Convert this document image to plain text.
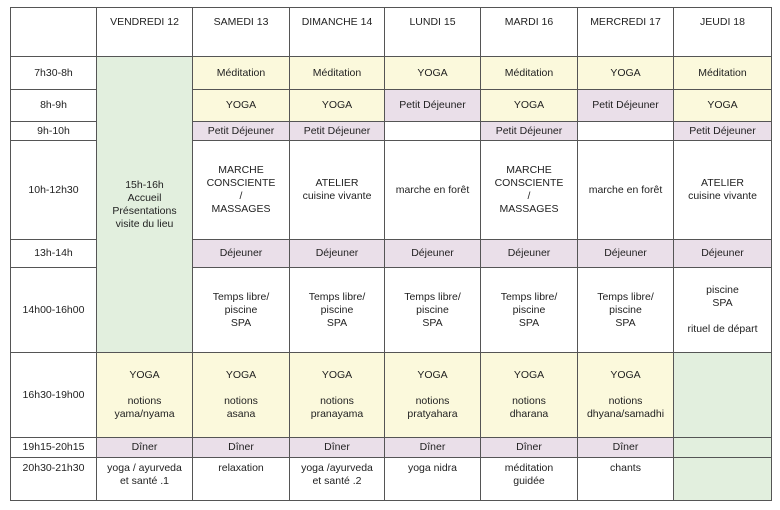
	VENDREDI 12	SAMEDI 13	DIMANCHE 14	LUNDI 15	MARDI 16	MERCREDI 17	JEUDI 18
7h30-8h	15h-16h
Accueil
Présentations
visite du lieu	Méditation	Méditation	YOGA	Méditation	YOGA	Méditation
8h-9h		YOGA	YOGA	Petit Déjeuner	YOGA	Petit Déjeuner	YOGA
9h-10h		Petit Déjeuner	Petit Déjeuner		Petit Déjeuner		Petit Déjeuner
10h-12h30		MARCHE
CONSCIENTE
/
MASSAGES	ATELIER
cuisine vivante	marche en forêt	MARCHE
CONSCIENTE
/
MASSAGES	marche en forêt	ATELIER
cuisine vivante
13h-14h		Déjeuner	Déjeuner	Déjeuner	Déjeuner	Déjeuner	Déjeuner
14h00-16h00		Temps libre/
piscine
SPA	Temps libre/
piscine
SPA	Temps libre/
piscine
SPA	Temps libre/
piscine
SPA	Temps libre/
piscine
SPA	piscine
SPA

rituel de départ
16h30-19h00	YOGA

notions
yama/nyama	YOGA

notions
asana	YOGA

notions
pranayama	YOGA

notions
pratyahara	YOGA

notions
dharana	YOGA

notions
dhyana/samadhi	
19h15-20h15	Dîner	Dîner	Dîner	Dîner	Dîner	Dîner	
20h30-21h30	yoga / ayurveda
et santé .1	relaxation	yoga /ayurveda
et santé .2	yoga nidra	méditation
guidée	chants	
